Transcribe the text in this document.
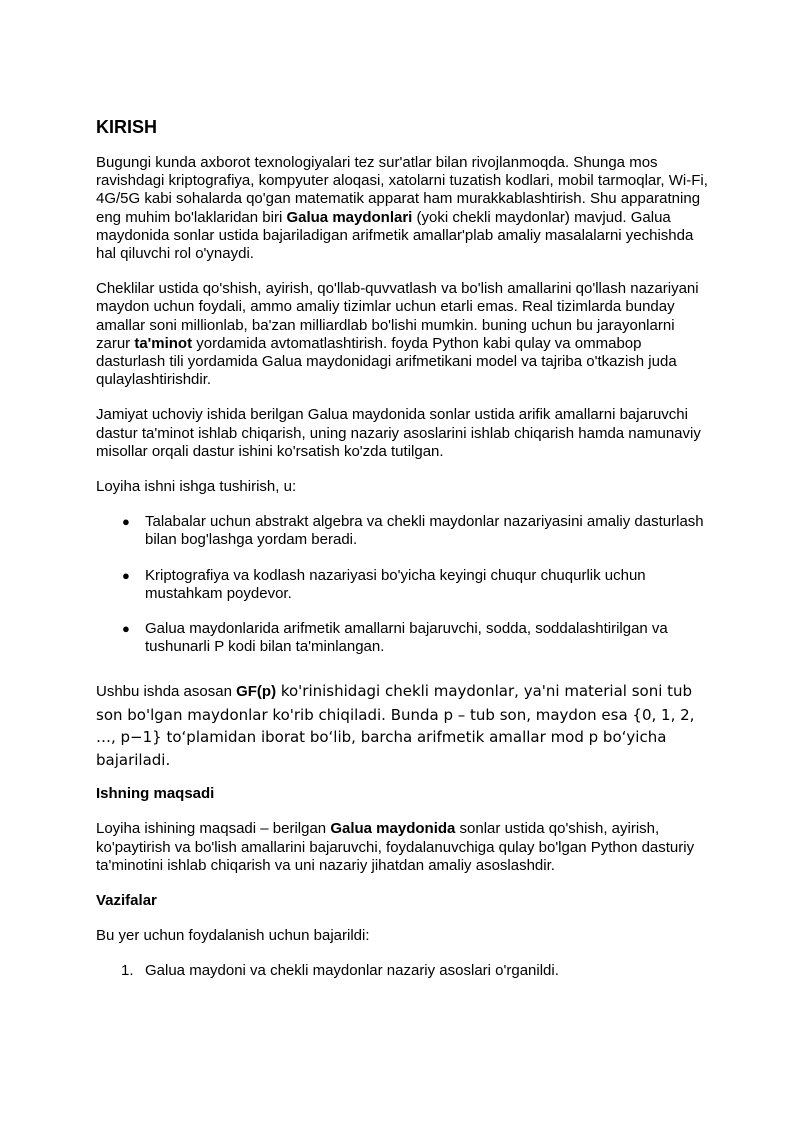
KIRISH

Bugungi kunda axborot texnologiyalari tez sur'atlar bilan rivojlanmoqda. Shunga mos ravishdagi kriptografiya, kompyuter aloqasi, xatolarni tuzatish kodlari, mobil tarmoqlar, Wi-Fi, 4G/5G kabi sohalarda qo'gan matematik apparat ham murakkablashtirish. Shu apparatning eng muhim bo'laklaridan biri Galua maydonlari (yoki chekli maydonlar) mavjud. Galua maydonida sonlar ustida bajariladigan arifmetik amallar'plab amaliy masalalarni yechishda hal qiluvchi rol o'ynaydi.

Cheklilar ustida qo'shish, ayirish, qo'llab-quvvatlash va bo'lish amallarini qo'llash nazariyani maydon uchun foydali, ammo amaliy tizimlar uchun etarli emas. Real tizimlarda bunday amallar soni millionlab, ba'zan milliardlab bo'lishi mumkin. buning uchun bu jarayonlarni zarur ta'minot yordamida avtomatlashtirish. foyda Python kabi qulay va ommabop dasturlash tili yordamida Galua maydonidagi arifmetikani model va tajriba o'tkazish juda qulaylashtirishdir.

Jamiyat uchoviy ishida berilgan Galua maydonida sonlar ustida arifik amallarni bajaruvchi dastur ta'minot ishlab chiqarish, uning nazariy asoslarini ishlab chiqarish hamda namunaviy misollar orqali dastur ishini ko'rsatish ko'zda tutilgan.

Loyiha ishni ishga tushirish, u:

● Talabalar uchun abstrakt algebra va chekli maydonlar nazariyasini amaliy dasturlash bilan bog'lashga yordam beradi.
● Kriptografiya va kodlash nazariyasi bo'yicha keyingi chuqur chuqurlik uchun mustahkam poydevor.
● Galua maydonlarida arifmetik amallarni bajaruvchi, sodda, soddalashtirilgan va tushunarli P kodi bilan ta'minlangan.

Ushbu ishda asosan GF(p) ko'rinishidagi chekli maydonlar, ya'ni material soni tub son bo'lgan maydonlar ko'rib chiqiladi. Bunda p – tub son, maydon esa {0, 1, 2, …, p−1} to‘plamidan iborat bo‘lib, barcha arifmetik amallar mod p bo‘yicha bajariladi.

Ishning maqsadi

Loyiha ishining maqsadi – berilgan Galua maydonida sonlar ustida qo'shish, ayirish, ko'paytirish va bo'lish amallarini bajaruvchi, foydalanuvchiga qulay bo'lgan Python dasturiy ta'minotini ishlab chiqarish va uni nazariy jihatdan amaliy asoslashdir.

Vazifalar

Bu yer uchun foydalanish uchun bajarildi:

1. Galua maydoni va chekli maydonlar nazariy asoslari o'rganildi.
